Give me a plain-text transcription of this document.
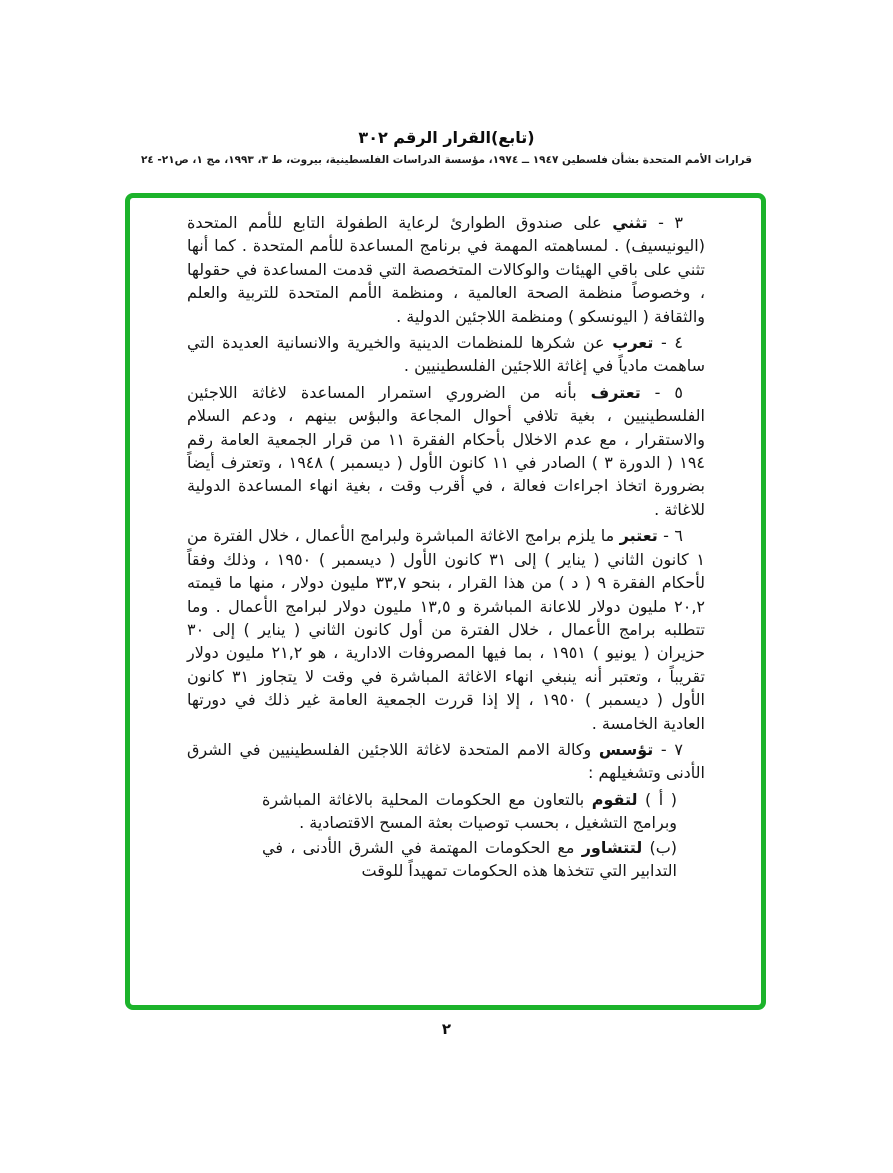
(تابع)القرار الرقم ٣٠٢
قرارات الأمم المتحدة بشأن فلسطين ١٩٤٧ ــ ١٩٧٤، مؤسسة الدراسات الفلسطينية، بيروت، ط ٣، ١٩٩٣، مج ١، ص٢١- ٢٤

٣ - تثني على صندوق الطوارئ لرعاية الطفولة التابع للأمم المتحدة (اليونيسيف) . لمساهمته المهمة في برنامج المساعدة للأمم المتحدة . كما أنها تثني على باقي الهيئات والوكالات المتخصصة التي قدمت المساعدة في حقولها ، وخصوصاً منظمة الصحة العالمية ، ومنظمة الأمم المتحدة للتربية والعلم والثقافة ( اليونسكو ) ومنظمة اللاجئين الدولية .

٤ - تعرب عن شكرها للمنظمات الدينية والخيرية والانسانية العديدة التي ساهمت مادياً في إغاثة اللاجئين الفلسطينيين .

٥ - تعترف بأنه من الضروري استمرار المساعدة لاغاثة اللاجئين الفلسطينيين ، بغية تلافي أحوال المجاعة والبؤس بينهم ، ودعم السلام والاستقرار ، مع عدم الاخلال بأحكام الفقرة ١١ من قرار الجمعية العامة رقم ١٩٤ ( الدورة ٣ ) الصادر في ١١ كانون الأول ( ديسمبر ) ١٩٤٨ ، وتعترف أيضاً بضرورة اتخاذ اجراءات فعالة ، في أقرب وقت ، بغية انهاء المساعدة الدولية للاغاثة .

٦ - تعتبر ما يلزم برامج الاغاثة المباشرة ولبرامج الأعمال ، خلال الفترة من ١ كانون الثاني ( يناير ) إلى ٣١ كانون الأول ( ديسمبر ) ١٩٥٠ ، وذلك وفقاً لأحكام الفقرة ٩ ( د ) من هذا القرار ، بنحو ٣٣,٧ مليون دولار ، منها ما قيمته ٢٠,٢ مليون دولار للاعانة المباشرة و ١٣,٥ مليون دولار لبرامج الأعمال . وما تتطلبه برامج الأعمال ، خلال الفترة من أول كانون الثاني ( يناير ) إلى ٣٠ حزيران ( يونيو ) ١٩٥١ ، بما فيها المصروفات الادارية ، هو ٢١,٢ مليون دولار تقريباً ، وتعتبر أنه ينبغي انهاء الاغاثة المباشرة في وقت لا يتجاوز ٣١ كانون الأول ( ديسمبر ) ١٩٥٠ ، إلا إذا قررت الجمعية العامة غير ذلك في دورتها العادية الخامسة .

٧ - تؤسس وكالة الامم المتحدة لاغاثة اللاجئين الفلسطينيين في الشرق الأدنى وتشغيلهم :

( أ ) لتقوم بالتعاون مع الحكومات المحلية بالاغاثة المباشرة وبرامج التشغيل ، بحسب توصيات بعثة المسح الاقتصادية .

(ب) لتتشاور مع الحكومات المهتمة في الشرق الأدنى ، في التدابير التي تتخذها هذه الحكومات تمهيداً للوقت

٢
